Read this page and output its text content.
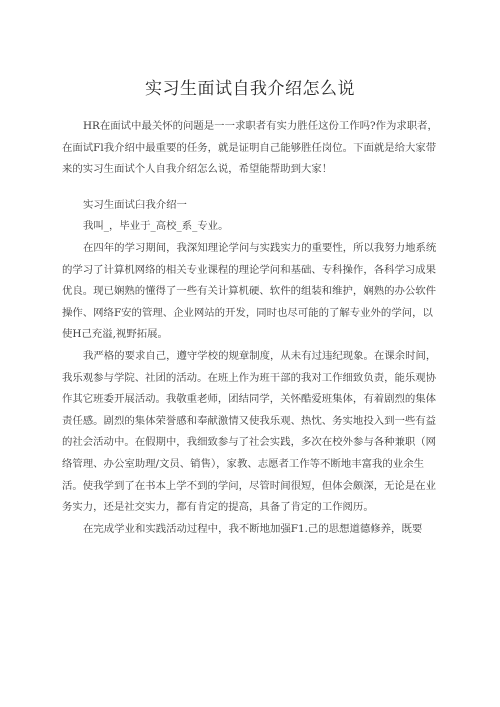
实习生面试自我介绍怎么说

HR在面试中最关怀的问题是一一求职者有实力胜任这份工作吗?作为求职者，在面试Fl我介绍中最重要的任务，就是证明自己能够胜任岗位。下面就是给大家带来的实习生面试个人自我介绍怎么说，希望能帮助到大家！

实习生面试臼我介绍一

我叫_，毕业于_高校_系_专业。

在四年的学习期间，我深知理论学问与实践实力的重要性，所以我努力地系统的学习了计算机网络的相关专业课程的理论学问和基础、专科操作，各科学习成果优良。现已娴熟的懂得了一些有关计算机硬、软件的组装和维护，娴熟的办公软件操作、网络F安的管理、企业网站的开发，同时也尽可能的了解专业外的学问，以使H己充溢,视野拓展。

我严格的要求自己，遵守学校的规章制度，从未有过违纪现象。在课余时间，我乐观参与学院、社团的活动。在班上作为班干部的我对工作细致负责，能乐观协作其它班委开展活动。我敬重老师，团结同学，关怀酷爱班集体，有着剧烈的集体责任感。剧烈的集体荣誉感和奉献激情又使我乐观、热忱、务实地投入到一些有益的社会活动中。在假期中，我细致参与了社会实践，多次在校外参与各种兼职（网络管理、办公室助理/文员、销售），家教、志愿者工作等不断地丰富我的业余生活。使我学到了在书本上学不到的学问，尽管时间很短，但体会颇深，无论是在业务实力，还是社交实力，都有肯定的提高，具备了肯定的工作阅历。

在完成学业和实践活动过程中，我不断地加强F1.己的思想道德修养，既要
